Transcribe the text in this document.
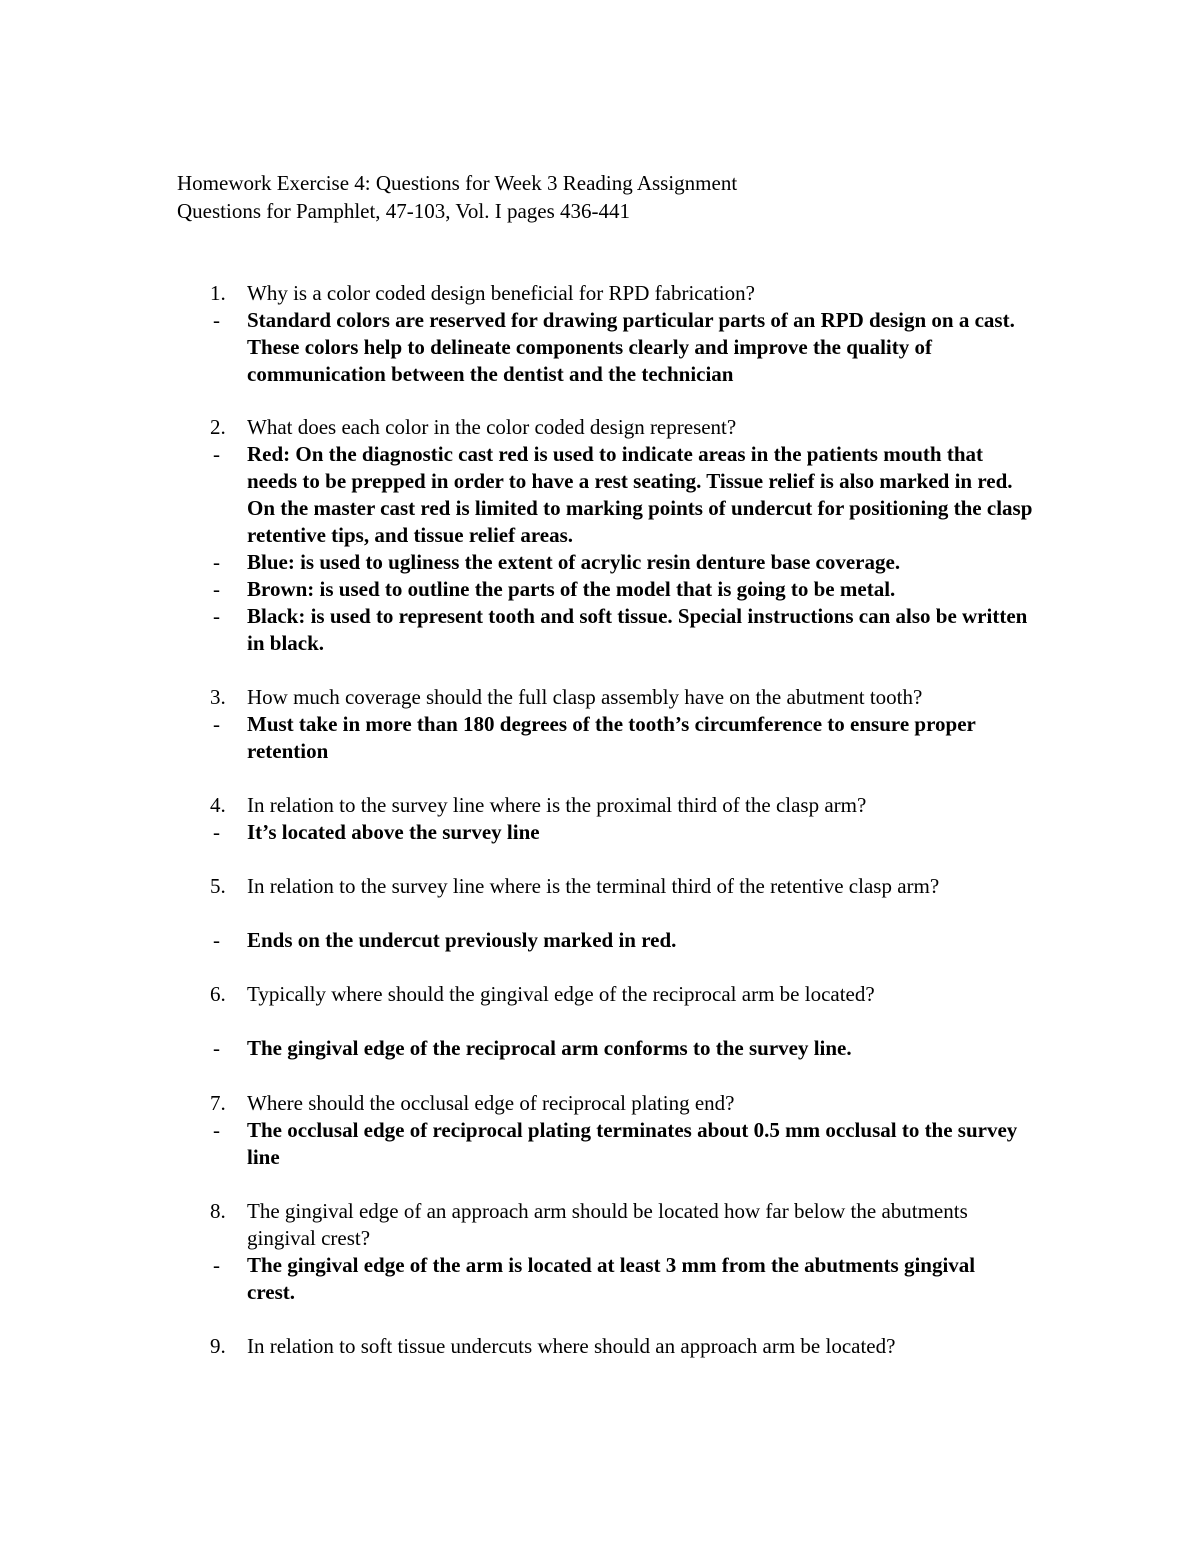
Homework Exercise 4: Questions for Week 3 Reading Assignment
Questions for Pamphlet, 47-103, Vol. I pages 436-441
1. Why is a color coded design beneficial for RPD fabrication?
- Standard colors are reserved for drawing particular parts of an RPD design on a cast. These colors help to delineate components clearly and improve the quality of communication between the dentist and the technician
2. What does each color in the color coded design represent?
- Red: On the diagnostic cast red is used to indicate areas in the patients mouth that needs to be prepped in order to have a rest seating. Tissue relief is also marked in red. On the master cast red is limited to marking points of undercut for positioning the clasp retentive tips, and tissue relief areas.
- Blue: is used to ugliness the extent of acrylic resin denture base coverage.
- Brown: is used to outline the parts of the model that is going to be metal.
- Black: is used to represent tooth and soft tissue. Special instructions can also be written in black.
3. How much coverage should the full clasp assembly have on the abutment tooth?
- Must take in more than 180 degrees of the tooth’s circumference to ensure proper retention
4. In relation to the survey line where is the proximal third of the clasp arm?
- It’s located above the survey line
5. In relation to the survey line where is the terminal third of the retentive clasp arm?
- Ends on the undercut previously marked in red.
6. Typically where should the gingival edge of the reciprocal arm be located?
- The gingival edge of the reciprocal arm conforms to the survey line.
7. Where should the occlusal edge of reciprocal plating end?
- The occlusal edge of reciprocal plating terminates about 0.5 mm occlusal to the survey line
8. The gingival edge of an approach arm should be located how far below the abutments gingival crest?
- The gingival edge of the arm is located at least 3 mm from the abutments gingival crest.
9. In relation to soft tissue undercuts where should an approach arm be located?
